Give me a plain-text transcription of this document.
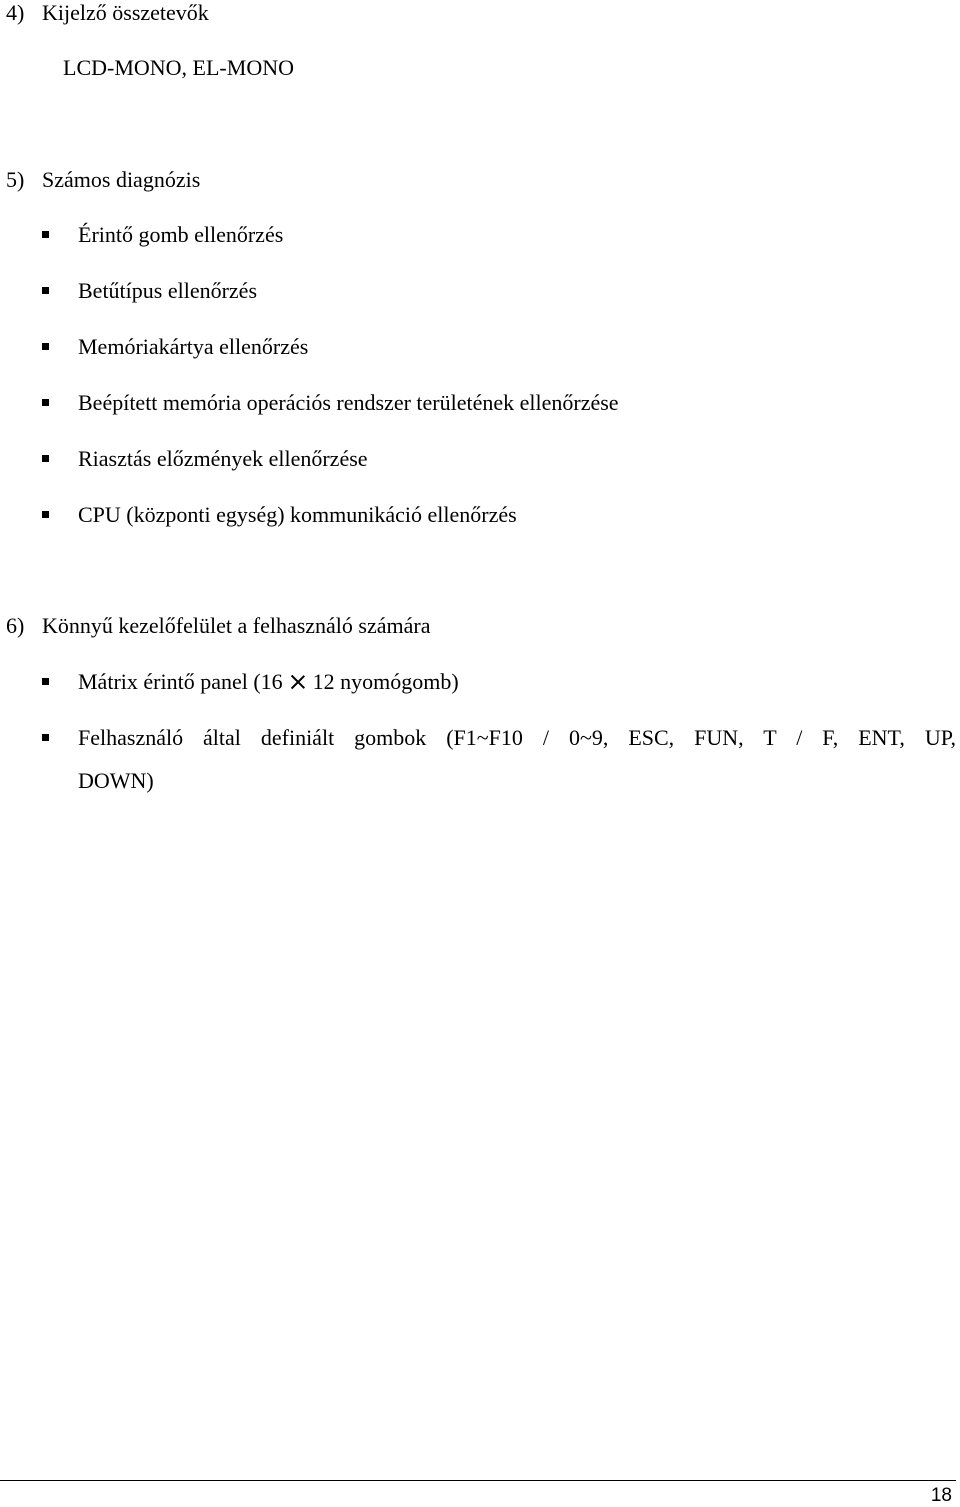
4) Kijelző összetevők
LCD-MONO, EL-MONO
5) Számos diagnózis
Érintő gomb ellenőrzés
Betűtípus ellenőrzés
Memóriakártya ellenőrzés
Beépített memória operációs rendszer területének ellenőrzése
Riasztás előzmények ellenőrzése
CPU (központi egység) kommunikáció ellenőrzés
6) Könnyű kezelőfelület a felhasználó számára
Mátrix érintő panel (16 12 nyomógomb)
Felhasználó által definiált gombok (F1~F10 / 0~9, ESC, FUN, T / F, ENT, UP,
DOWN)
18
